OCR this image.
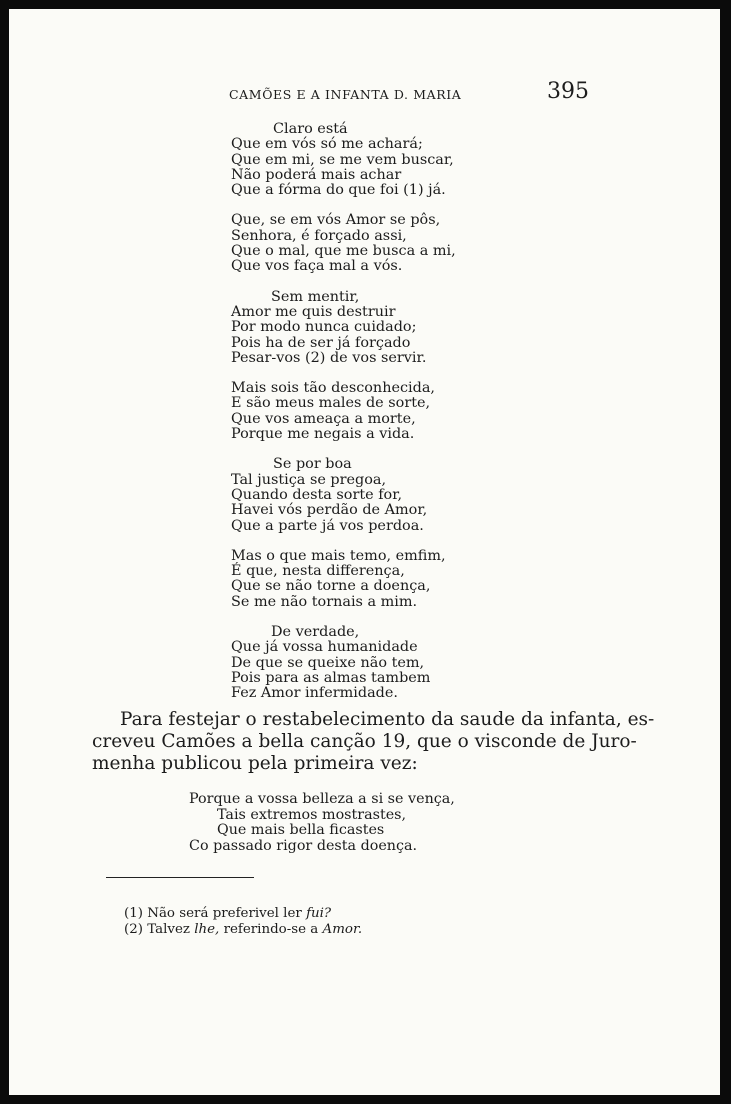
CAMÕES E A INFANTA D. MARIA	395
Claro está
Que em vós só me achará;
Que em mi, se me vem buscar,
Não poderá mais achar
Que a fórma do que foi (1) já.
Que, se em vós Amor se pôs,
Senhora, é forçado assi,
Que o mal, que me busca a mi,
Que vos faça mal a vós.
Sem mentir,
Amor me quis destruir
Por modo nunca cuidado;
Pois ha de ser já forçado
Pesar-vos (2) de vos servir.
Mais sois tão desconhecida,
E são meus males de sorte,
Que vos ameaça a morte,
Porque me negais a vida.
Se por boa
Tal justiça se pregoa,
Quando desta sorte for,
Havei vós perdão de Amor,
Que a parte já vos perdoa.
Mas o que mais temo, emfim,
É que, nesta differença,
Que se não torne a doença,
Se me não tornais a mim.
De verdade,
Que já vossa humanidade
De que se queixe não tem,
Pois para as almas tambem
Fez Amor infermidade.
Para festejar o restabelecimento da saude da infanta, es-
creveu Camões a bella canção 19, que o visconde de Juro-
menha publicou pela primeira vez:
Porque a vossa belleza a si se vença,
Tais extremos mostrastes,
Que mais bella ficastes
Co passado rigor desta doença.
(1) Não será preferivel ler fui?
(2) Talvez lhe, referindo-se a Amor.
